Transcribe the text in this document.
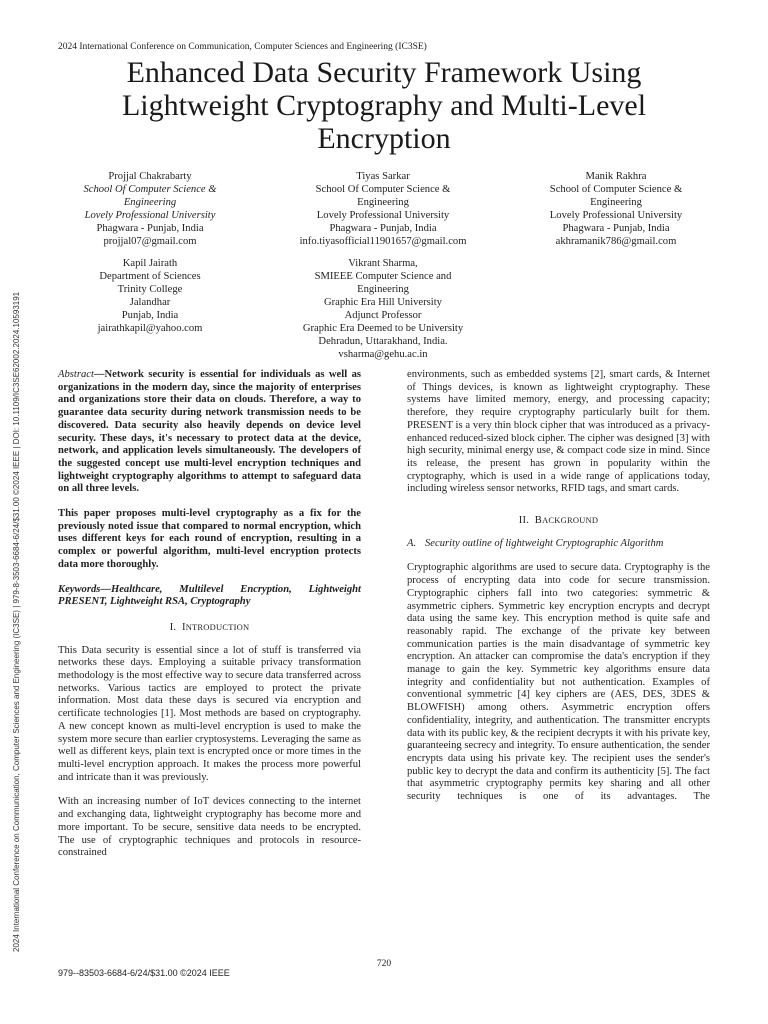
2024 International Conference on Communication, Computer Sciences and Engineering (IC3SE)
Enhanced Data Security Framework Using Lightweight Cryptography and Multi-Level Encryption
Projjal Chakrabarty
School Of Computer Science &
Engineering
Lovely Professional University
Phagwara - Punjab, India
projjal07@gmail.com
Tiyas Sarkar
School Of Computer Science &
Engineering
Lovely Professional University
Phagwara - Punjab, India
info.tiyasofficial11901657@gmail.com
Manik Rakhra
School of Computer Science &
Engineering
Lovely Professional University
Phagwara - Punjab, India
akhramanik786@gmail.com
Kapil Jairath
Department of Sciences
Trinity College
Jalandhar
Punjab, India
jairathkapil@yahoo.com
Vikrant Sharma,
SMIEEE Computer Science and
Engineering
Graphic Era Hill University
Adjunct Professor
Graphic Era Deemed to be University
Dehradun, Uttarakhand, India.
vsharma@gehu.ac.in
2024 International Conference on Communication, Computer Sciences and Engineering (IC3SE) | 979-8-3503-6684-6/24/$31.00 ©2024 IEEE | DOI: 10.1109/IC3SE62002.2024.10593191	Abstract—Network security is essential for individuals as well as organizations in the modern day, since the majority of enterprises and organizations store their data on clouds. Therefore, a way to guarantee data security during network transmission needs to be discovered. Data security also heavily depends on device level security. These days, it's necessary to protect data at the device, network, and application levels simultaneously. The developers of the suggested concept use multi-level encryption techniques and lightweight cryptography algorithms to attempt to safeguard data on all three levels.

This paper proposes multi-level cryptography as a fix for the previously noted issue that compared to normal encryption, which uses different keys for each round of encryption, resulting in a complex or powerful algorithm, multi-level encryption protects data more thoroughly.

Keywords—Healthcare, Multilevel Encryption, Lightweight PRESENT, Lightweight RSA, Cryptography

I.  INTRODUCTION

This Data security is essential since a lot of stuff is transferred via networks these days. Employing a suitable privacy transformation methodology is the most effective way to secure data transferred across networks. Various tactics are employed to protect the private information. Most data these days is secured via encryption and certificate technologies [1]. Most methods are based on cryptography. A new concept known as multi-level encryption is used to make the system more secure than earlier cryptosystems. Leveraging the same as well as different keys, plain text is encrypted once or more times in the multi-level encryption approach. It makes the process more powerful and intricate than it was previously.

With an increasing number of IoT devices connecting to the internet and exchanging data, lightweight cryptography has become more and more important. To be secure, sensitive data needs to be encrypted. The use of cryptographic techniques and protocols in resource-constrained

environments, such as embedded systems [2], smart cards, & Internet of Things devices, is known as lightweight cryptography. These systems have limited memory, energy, and processing capacity; therefore, they require cryptography particularly built for them. PRESENT is a very thin block cipher that was introduced as a privacy-enhanced reduced-sized block cipher. The cipher was designed [3] with high security, minimal energy use, & compact code size in mind. Since its release, the present has grown in popularity within the cryptography, which is used in a wide range of applications today, including wireless sensor networks, RFID tags, and smart cards.

II.  BACKGROUND
A. Security outline of lightweight Cryptographic Algorithm

Cryptographic algorithms are used to secure data. Cryptography is the process of encrypting data into code for secure transmission. Cryptographic ciphers fall into two categories: symmetric & asymmetric ciphers. Symmetric key encryption encrypts and decrypt data using the same key. This encryption method is quite safe and reasonably rapid. The exchange of the private key between communication parties is the main disadvantage of symmetric key encryption. An attacker can compromise the data's encryption if they manage to gain the key. Symmetric key algorithms ensure data integrity and confidentiality but not authentication. Examples of conventional symmetric [4] key ciphers are (AES, DES, 3DES & BLOWFISH) among others. Asymmetric encryption offers confidentiality, integrity, and authentication. The transmitter encrypts data with its public key, & the recipient decrypts it with his private key, guaranteeing secrecy and integrity. To ensure authentication, the sender encrypts data using his private key. The recipient uses the sender's public key to decrypt the data and confirm its authenticity [5]. The fact that asymmetric cryptography permits key sharing and all other security techniques is one of its advantages. The

720
979--83503-6684-6/24/$31.00 ©2024 IEEE
